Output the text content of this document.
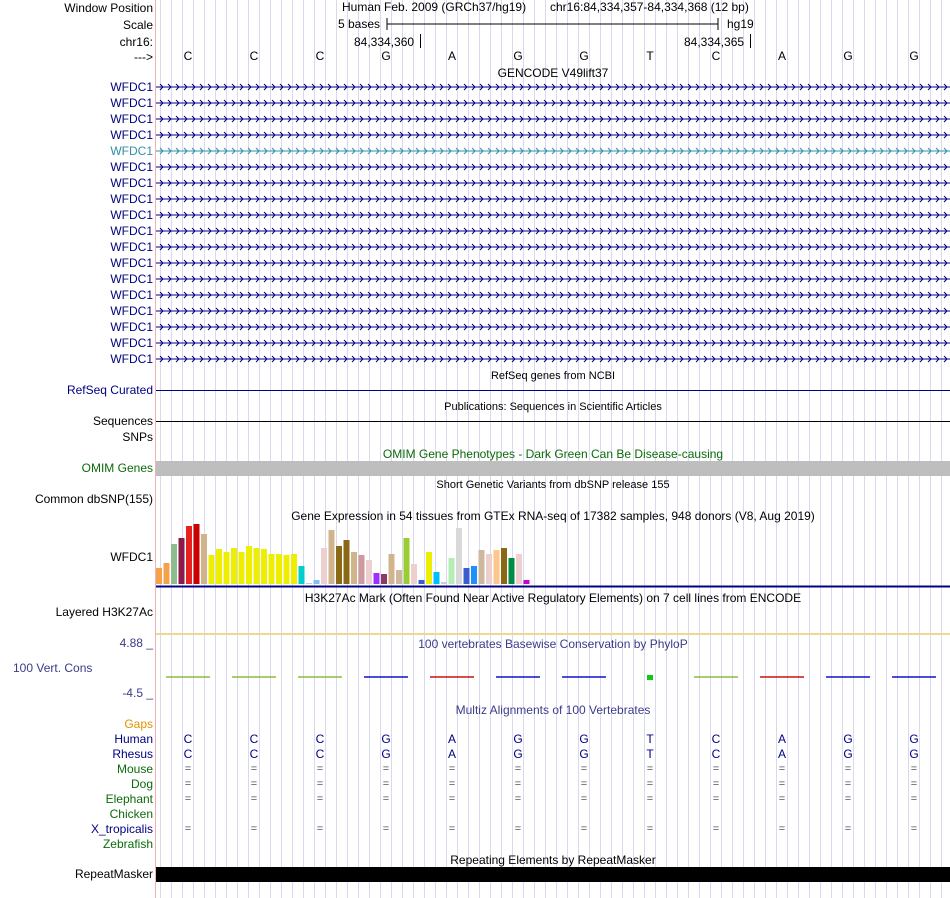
Window Position
Scale
chr16:
--->
Human Feb. 2009 (GRCh37/hg19) chr16:84,334,357-84,334,368 (12 bp)
5 bases	hg19
84,334,360	84,334,365
C	C	C	G	A	G	G	T	C	A	G	G
GENCODE V49lift37
WFDC1
WFDC1
WFDC1
WFDC1
WFDC1
WFDC1
WFDC1
WFDC1
WFDC1
WFDC1
WFDC1
WFDC1
WFDC1
WFDC1
WFDC1
WFDC1
WFDC1
WFDC1
RefSeq genes from NCBI
RefSeq Curated
Publications: Sequences in Scientific Articles
Sequences
SNPs
OMIM Gene Phenotypes - Dark Green Can Be Disease-causing
OMIM Genes
Short Genetic Variants from dbSNP release 155
Common dbSNP(155)
Gene Expression in 54 tissues from GTEx RNA-seq of 17382 samples, 948 donors (V8, Aug 2019)
WFDC1
H3K27Ac Mark (Often Found Near Active Regulatory Elements) on 7 cell lines from ENCODE
Layered H3K27Ac
100 vertebrates Basewise Conservation by PhyloP
4.88 _
100 Vert. Cons
-4.5 _
Multiz Alignments of 100 Vertebrates
Gaps
Human	C	C	C	G	A	G	G	T	C	A	G	G
Rhesus	C	C	C	G	A	G	G	T	C	A	G	G
Mouse	=	=	=	=	=	=	=	=	=	=	=	=
Dog	=	=	=	=	=	=	=	=	=	=	=	=
Elephant	=	=	=	=	=	=	=	=	=	=	=	=
Chicken
X_tropicalis	=	=	=	=	=	=	=	=	=	=	=	=
Zebrafish
Repeating Elements by RepeatMasker
RepeatMasker
